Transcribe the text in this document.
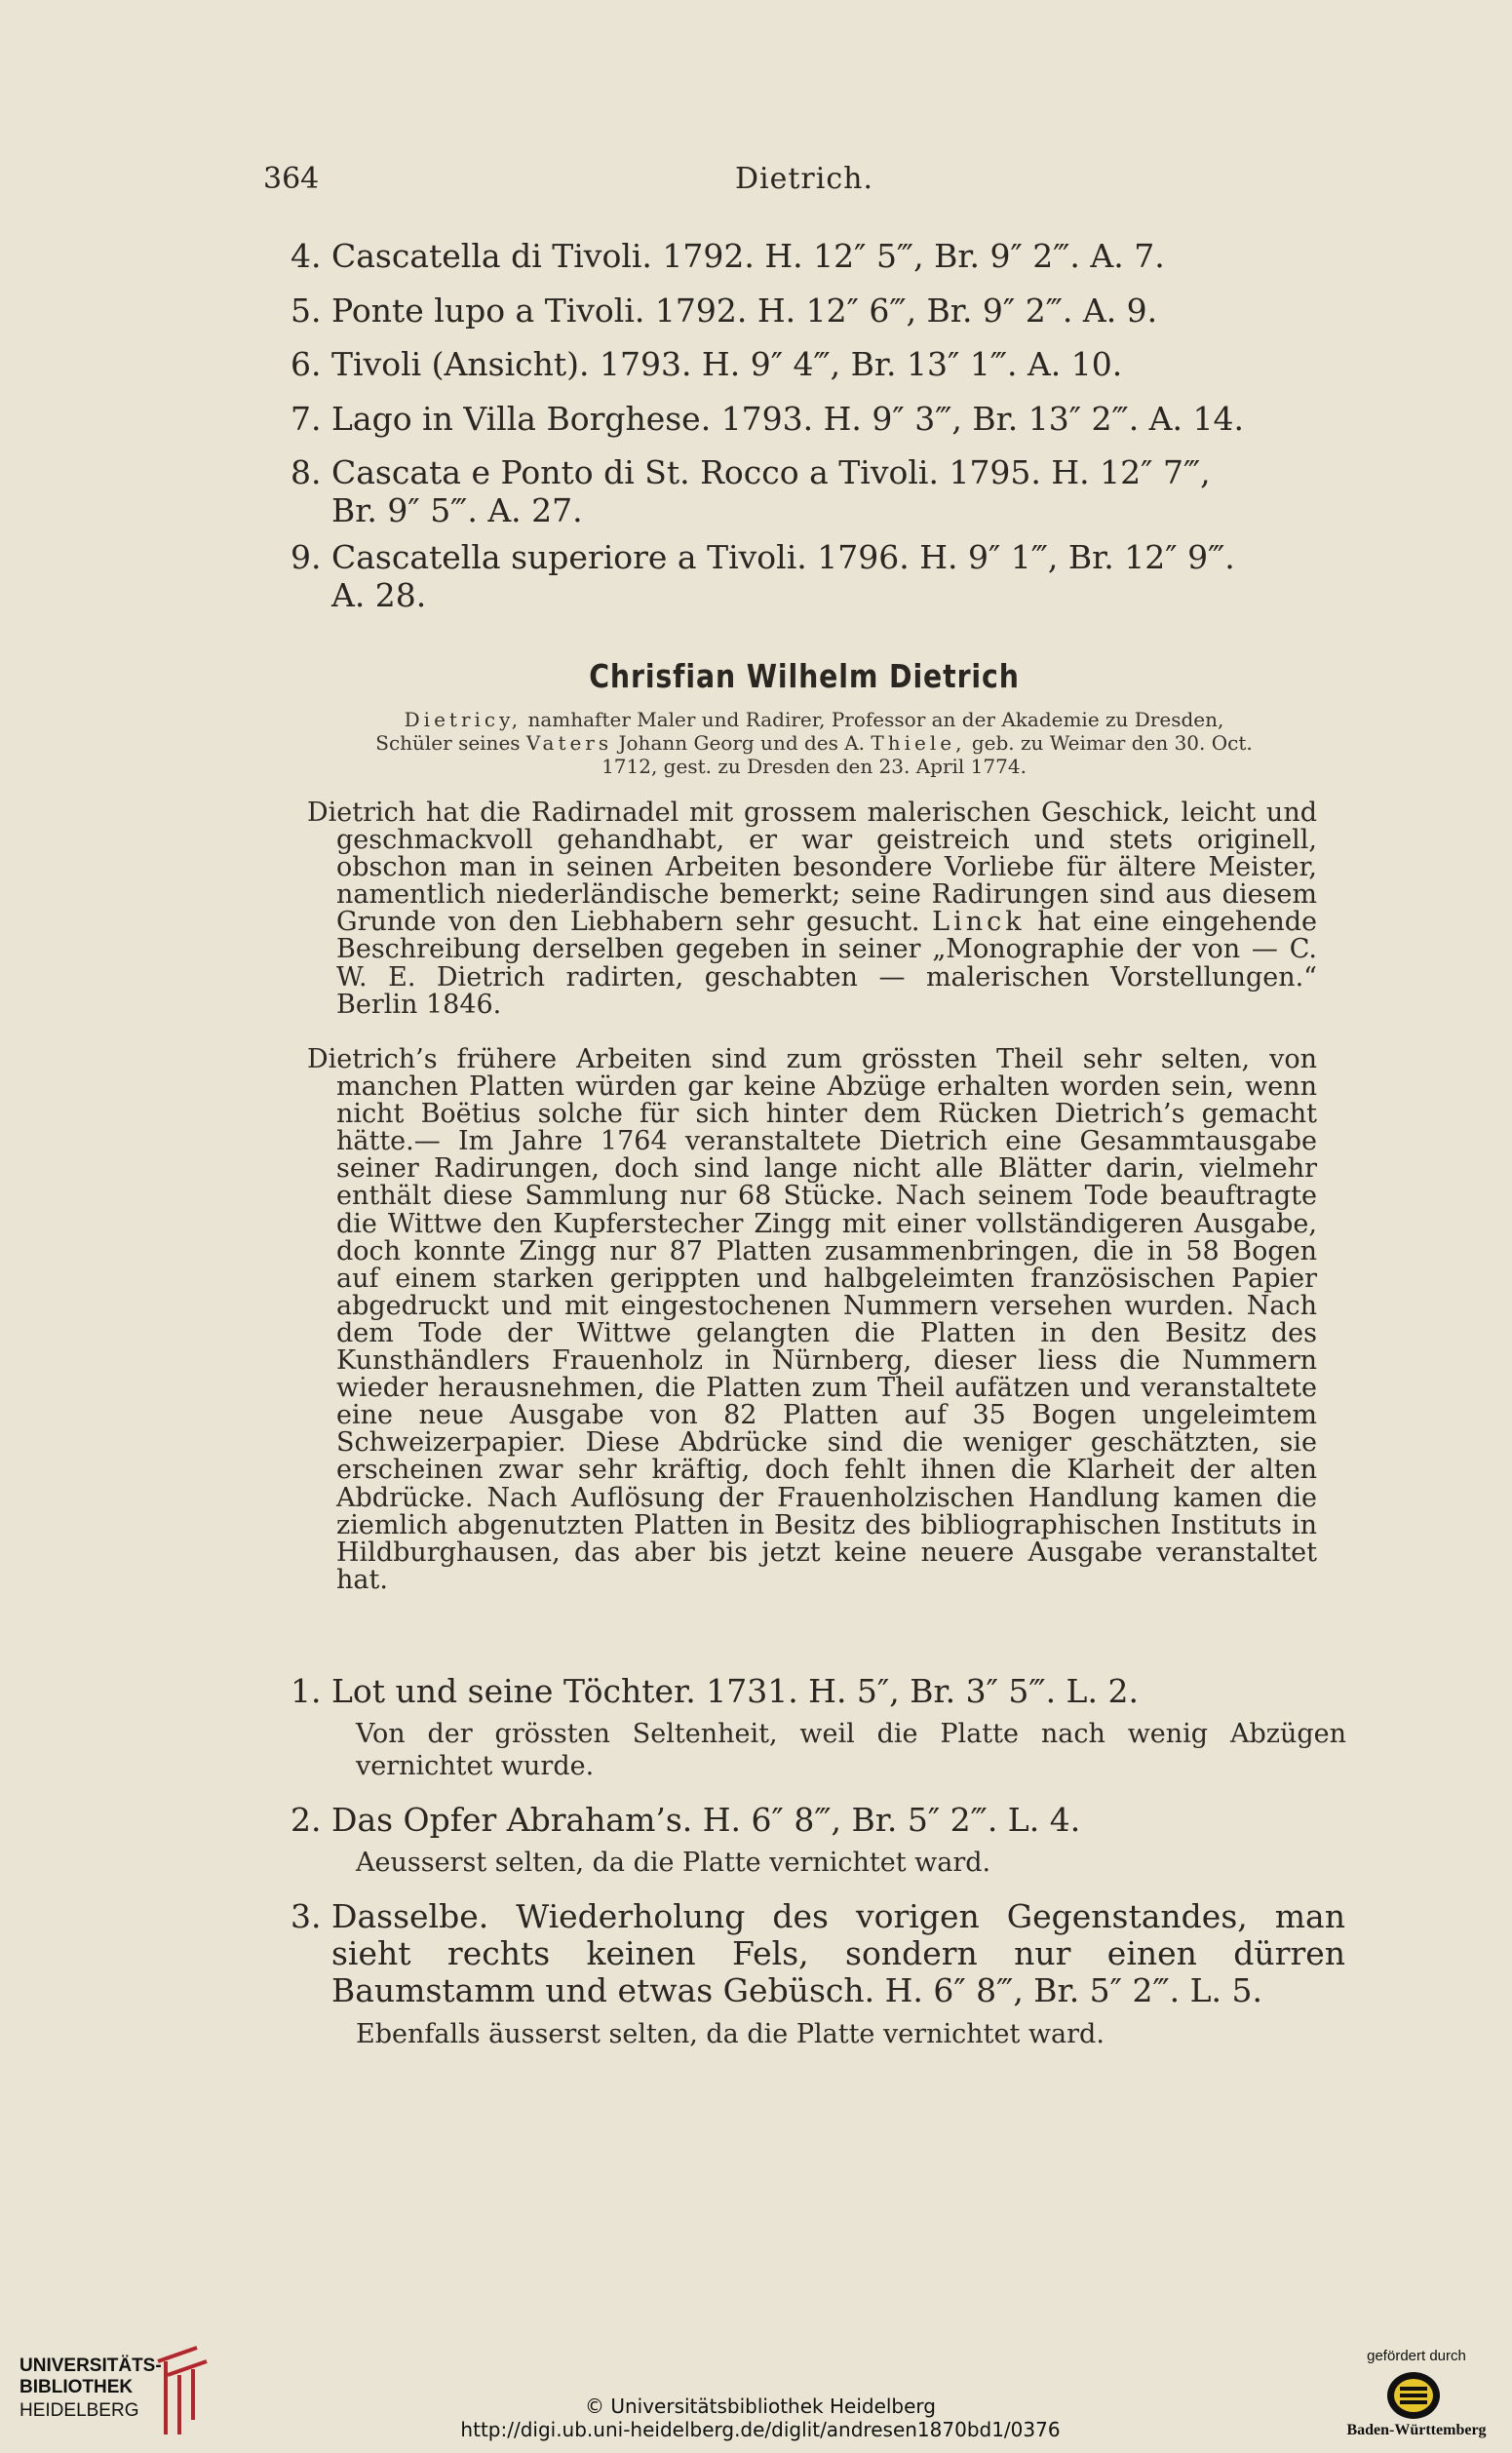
Dietrich.
364
4. Cascatella di Tivoli. 1792. H. 12″ 5‴, Br. 9″ 2‴. A. 7.
5. Ponte lupo a Tivoli. 1792. H. 12″ 6‴, Br. 9″ 2‴. A. 9.
6. Tivoli (Ansicht). 1793. H. 9″ 4‴, Br. 13″ 1‴. A. 10.
7. Lago in Villa Borghese. 1793. H. 9″ 3‴, Br. 13″ 2‴. A. 14.
8. Cascata e Ponto di St. Rocco a Tivoli. 1795. H. 12″ 7‴,
Br. 9″ 5‴. A. 27.
9. Cascatella superiore a Tivoli. 1796. H. 9″ 1‴, Br. 12″ 9‴.
A. 28.
Chrisfian Wilhelm Dietrich
Dietricy, namhafter Maler und Radirer, Professor an der Akademie zu Dresden,
Schüler seines Vaters Johann Georg und des A. Thiele, geb. zu Weimar den 30. Oct.
1712, gest. zu Dresden den 23. April 1774.
Dietrich hat die Radirnadel mit grossem malerischen Geschick, leicht und geschmackvoll gehandhabt, er war geistreich und stets originell, obschon man in seinen Arbeiten besondere Vorliebe für ältere Meister, namentlich niederländische bemerkt; seine Radirungen sind aus diesem Grunde von den Liebhabern sehr gesucht. Linck hat eine eingehende Beschreibung derselben gegeben in seiner „Monographie der von — C. W. E. Dietrich radirten, geschabten — malerischen Vorstellungen.“ Berlin 1846.
Dietrich’s frühere Arbeiten sind zum grössten Theil sehr selten, von manchen Platten würden gar keine Abzüge erhalten worden sein, wenn nicht Boëtius solche für sich hinter dem Rücken Dietrich’s gemacht hätte.— Im Jahre 1764 veranstaltete Dietrich eine Gesammtausgabe seiner Radirungen, doch sind lange nicht alle Blätter darin, vielmehr enthält diese Sammlung nur 68 Stücke. Nach seinem Tode beauftragte die Wittwe den Kupferstecher Zingg mit einer vollständigeren Ausgabe, doch konnte Zingg nur 87 Platten zusammenbringen, die in 58 Bogen auf einem starken gerippten und halbgeleimten französischen Papier abgedruckt und mit eingestochenen Nummern versehen wurden. Nach dem Tode der Wittwe gelangten die Platten in den Besitz des Kunsthändlers Frauenholz in Nürnberg, dieser liess die Nummern wieder herausnehmen, die Platten zum Theil aufätzen und veranstaltete eine neue Ausgabe von 82 Platten auf 35 Bogen ungeleimtem Schweizerpapier. Diese Abdrücke sind die weniger geschätzten, sie erscheinen zwar sehr kräftig, doch fehlt ihnen die Klarheit der alten Abdrücke. Nach Auflösung der Frauenholzischen Handlung kamen die ziemlich abgenutzten Platten in Besitz des bibliographischen Instituts in Hildburghausen, das aber bis jetzt keine neuere Ausgabe veranstaltet hat.
1. Lot und seine Töchter. 1731. H. 5″, Br. 3″ 5‴. L. 2.
Von der grössten Seltenheit, weil die Platte nach wenig Abzügen vernichtet wurde.
2. Das Opfer Abraham’s. H. 6″ 8‴, Br. 5″ 2‴. L. 4.
Aeusserst selten, da die Platte vernichtet ward.
3. Dasselbe. Wiederholung des vorigen Gegenstandes, man sieht rechts keinen Fels, sondern nur einen dürren Baumstamm und etwas Gebüsch. H. 6″ 8‴, Br. 5″ 2‴. L. 5.
Ebenfalls äusserst selten, da die Platte vernichtet ward.
UNIVERSITÄTS-
BIBLIOTHEK
HEIDELBERG	© Universitätsbibliothek Heidelberg
http://digi.ub.uni-heidelberg.de/diglit/andresen1870bd1/0376
gefördert durch
Baden-Württemberg
